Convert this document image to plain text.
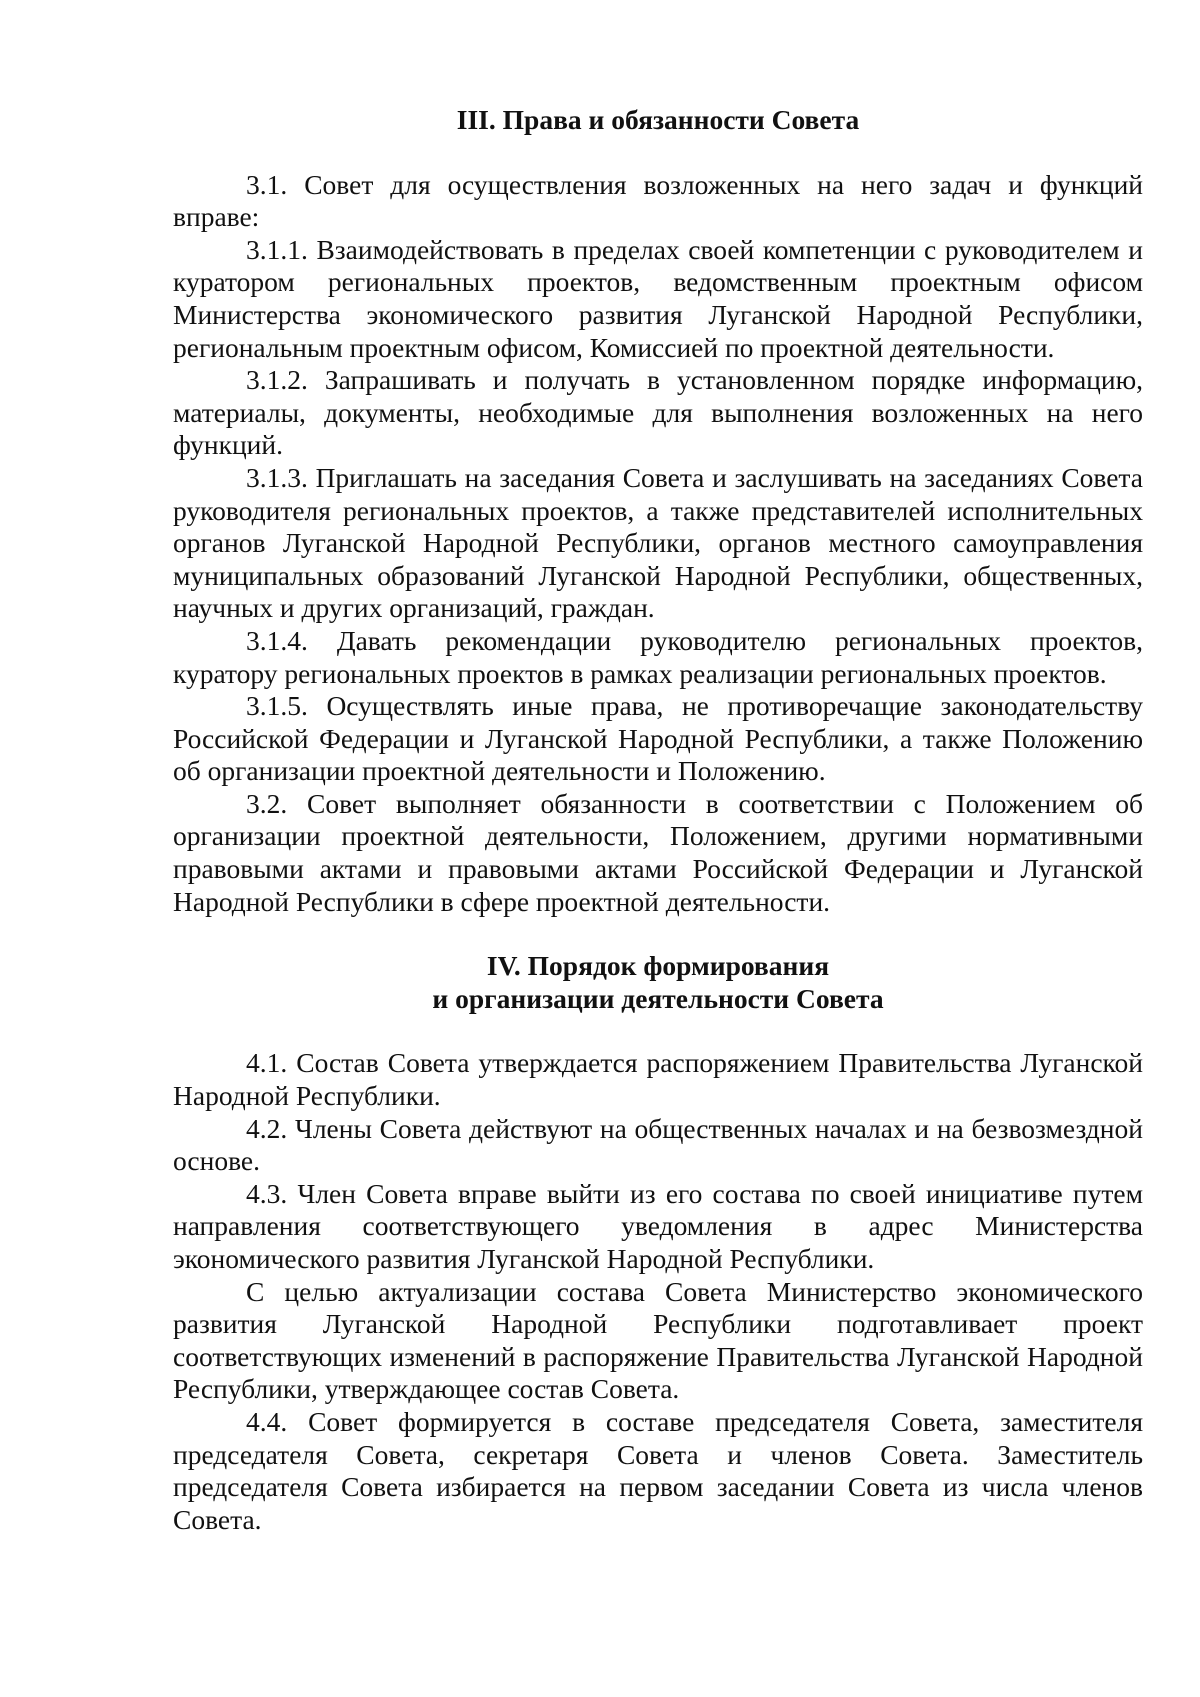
III. Права и обязанности Совета

3.1. Совет для осуществления возложенных на него задач и функций вправе:

3.1.1. Взаимодействовать в пределах своей компетенции с руководителем и куратором региональных проектов, ведомственным проектным офисом Министерства экономического развития Луганской Народной Республики, региональным проектным офисом, Комиссией по проектной деятельности.

3.1.2. Запрашивать и получать в установленном порядке информацию, материалы, документы, необходимые для выполнения возложенных на него функций.

3.1.3. Приглашать на заседания Совета и заслушивать на заседаниях Совета руководителя региональных проектов, а также представителей исполнительных органов Луганской Народной Республики, органов местного самоуправления муниципальных образований Луганской Народной Республики, общественных, научных и других организаций, граждан.

3.1.4. Давать рекомендации руководителю региональных проектов, куратору региональных проектов в рамках реализации региональных проектов.

3.1.5. Осуществлять иные права, не противоречащие законодательству Российской Федерации и Луганской Народной Республики, а также Положению об организации проектной деятельности и Положению.

3.2. Совет выполняет обязанности в соответствии с Положением об организации проектной деятельности, Положением, другими нормативными правовыми актами и правовыми актами Российской Федерации и Луганской Народной Республики в сфере проектной деятельности.

IV. Порядок формирования
и организации деятельности Совета

4.1. Состав Совета утверждается распоряжением Правительства Луганской Народной Республики.

4.2. Члены Совета действуют на общественных началах и на безвозмездной основе.

4.3. Член Совета вправе выйти из его состава по своей инициативе путем направления соответствующего уведомления в адрес Министерства экономического развития Луганской Народной Республики.

С целью актуализации состава Совета Министерство экономического развития Луганской Народной Республики подготавливает проект соответствующих изменений в распоряжение Правительства Луганской Народной Республики, утверждающее состав Совета.

4.4. Совет формируется в составе председателя Совета, заместителя председателя Совета, секретаря Совета и членов Совета. Заместитель председателя Совета избирается на первом заседании Совета из числа членов Совета.
